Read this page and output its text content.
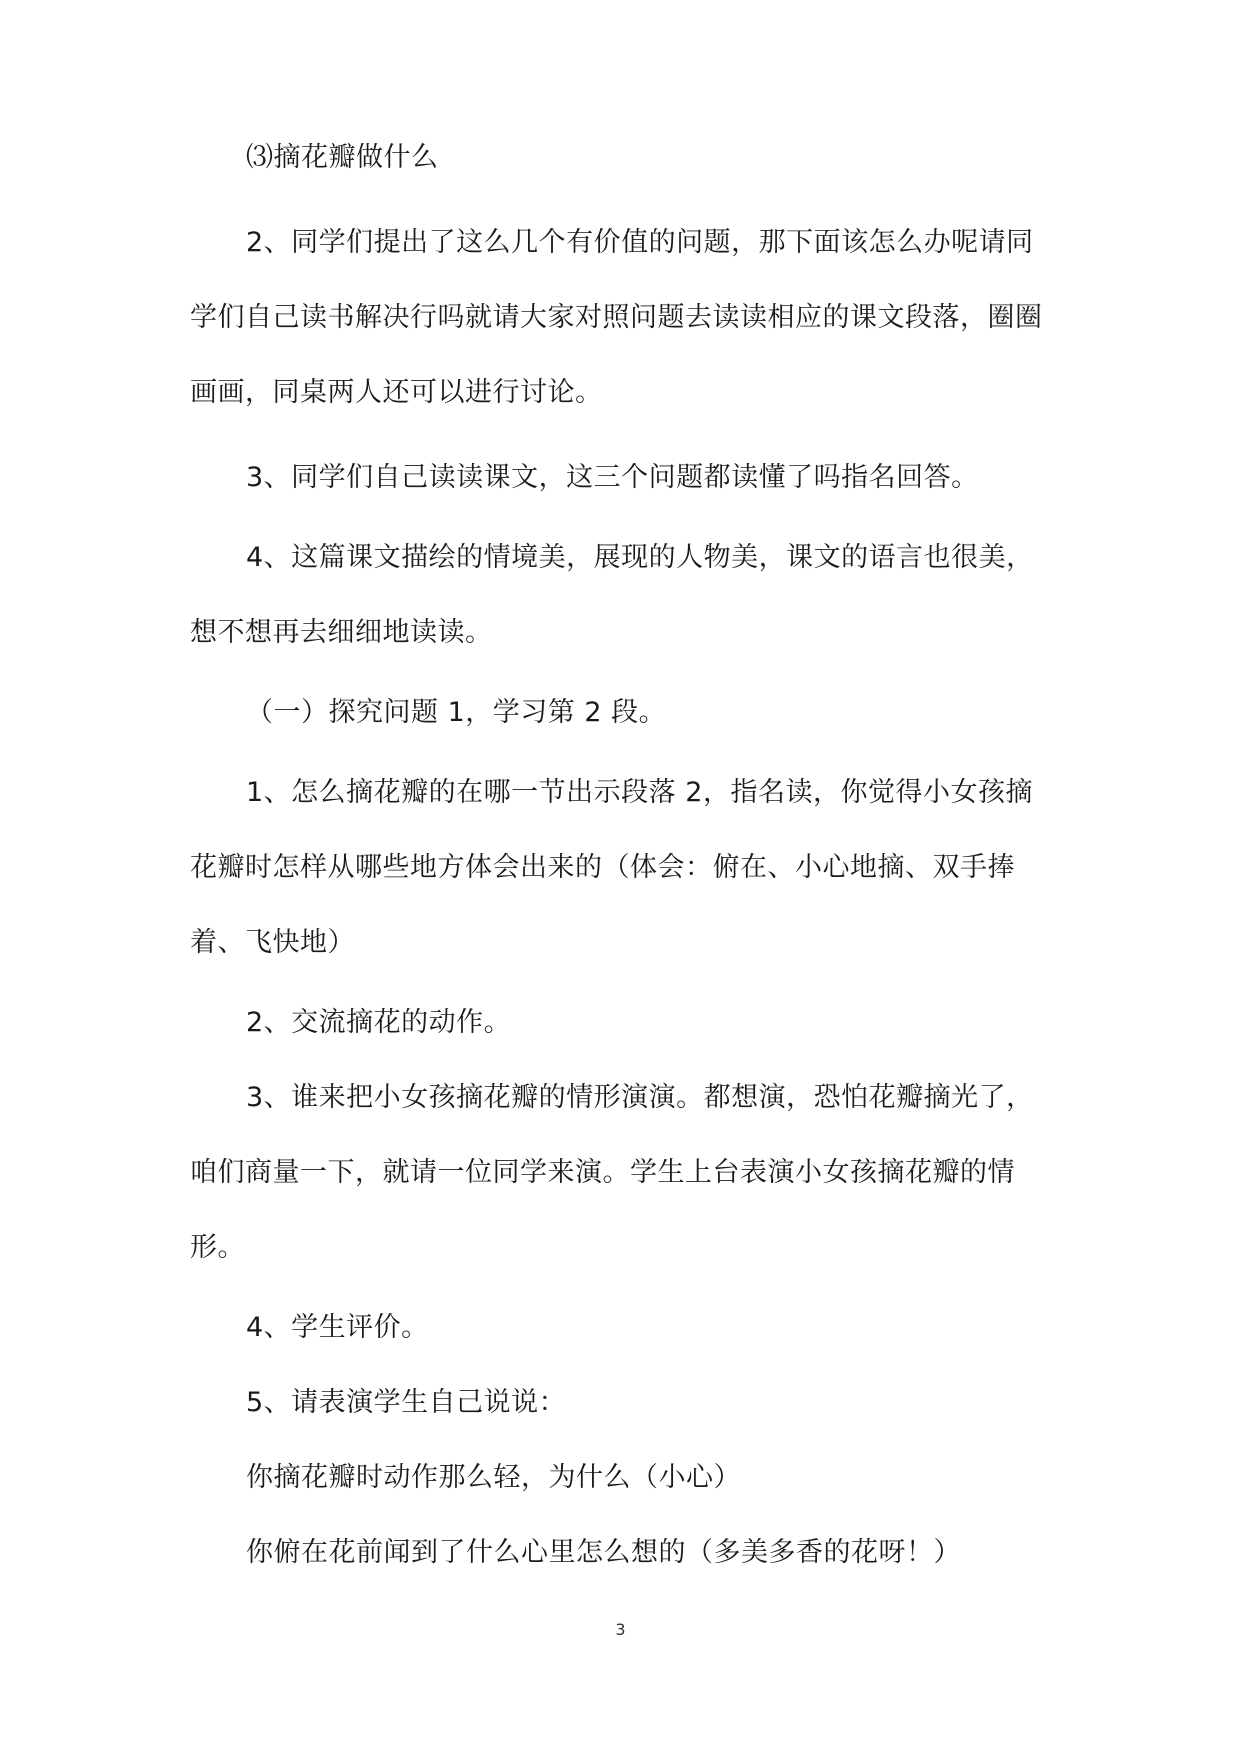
⑶摘花瓣做什么

2、同学们提出了这么几个有价值的问题，那下面该怎么办呢请同学们自己读书解决行吗就请大家对照问题去读读相应的课文段落，圈圈画画，同桌两人还可以进行讨论。

3、同学们自己读读课文，这三个问题都读懂了吗指名回答。

4、这篇课文描绘的情境美，展现的人物美，课文的语言也很美，想不想再去细细地读读。

（一）探究问题 1，学习第 2 段。

1、怎么摘花瓣的在哪一节出示段落 2，指名读，你觉得小女孩摘花瓣时怎样从哪些地方体会出来的（体会：俯在、小心地摘、双手捧着、飞快地）

2、交流摘花的动作。

3、谁来把小女孩摘花瓣的情形演演。都想演，恐怕花瓣摘光了，咱们商量一下，就请一位同学来演。学生上台表演小女孩摘花瓣的情形。

4、学生评价。

5、请表演学生自己说说：

你摘花瓣时动作那么轻，为什么（小心）

你俯在花前闻到了什么心里怎么想的（多美多香的花呀！）

3
